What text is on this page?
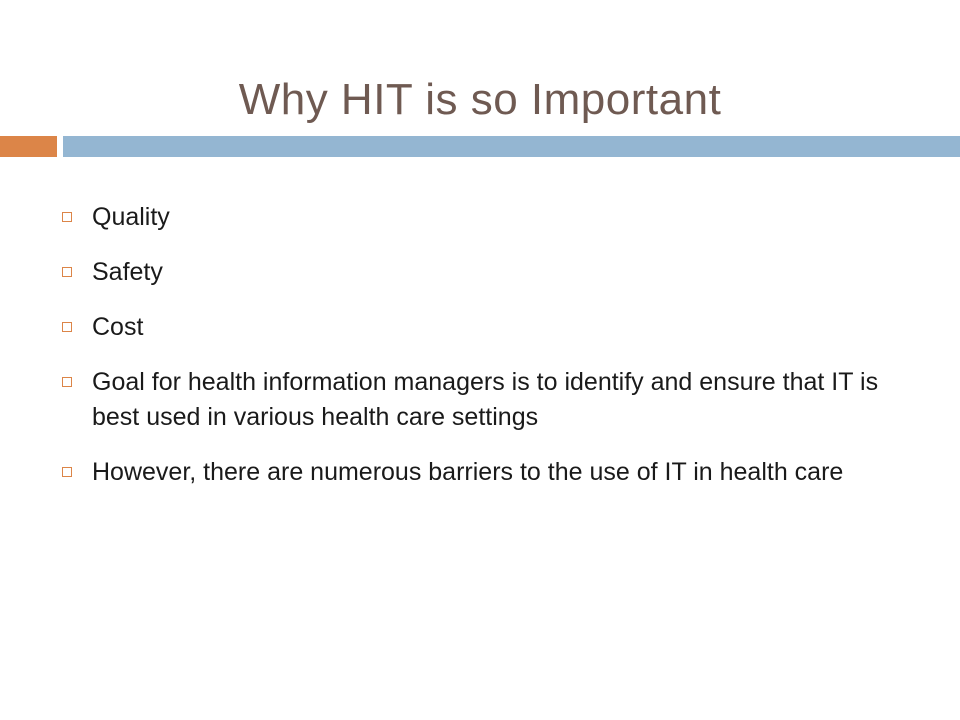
Why HIT is so Important
Quality
Safety
Cost
Goal for health information managers is to identify and ensure that IT is best used in various health care settings
However, there are numerous barriers to the use of IT in health care
